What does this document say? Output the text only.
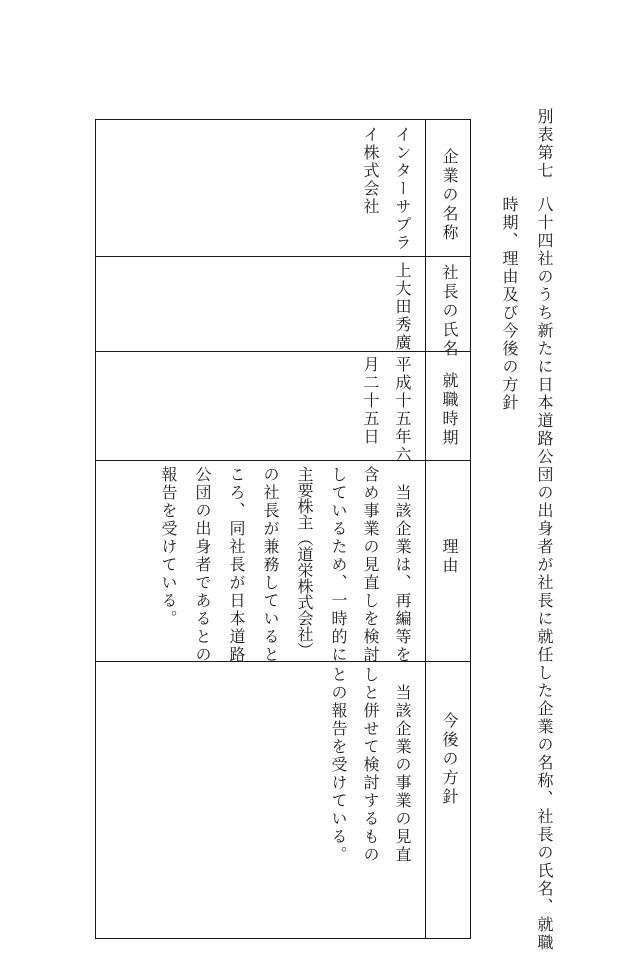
別表第七
八十四社のうち新たに日本道路公団の出身者が社長に就任した企業の名称、社長の氏名、就職
時期、理由及び今後の方針
企業の名称
社長の氏名
就職時期
理由
今後の方針
インターサプラ
イ株式会社
上大田秀廣
平成十五年六
月二十五日
　当該企業は、再編等を
含め事業の見直しを検討
しているため、一時的に
主要株主（道栄株式会社）
の社長が兼務していると
ころ、同社長が日本道路
公団の出身者であるとの
報告を受けている。
　当該企業の事業の見直
しと併せて検討するもの
との報告を受けている。
